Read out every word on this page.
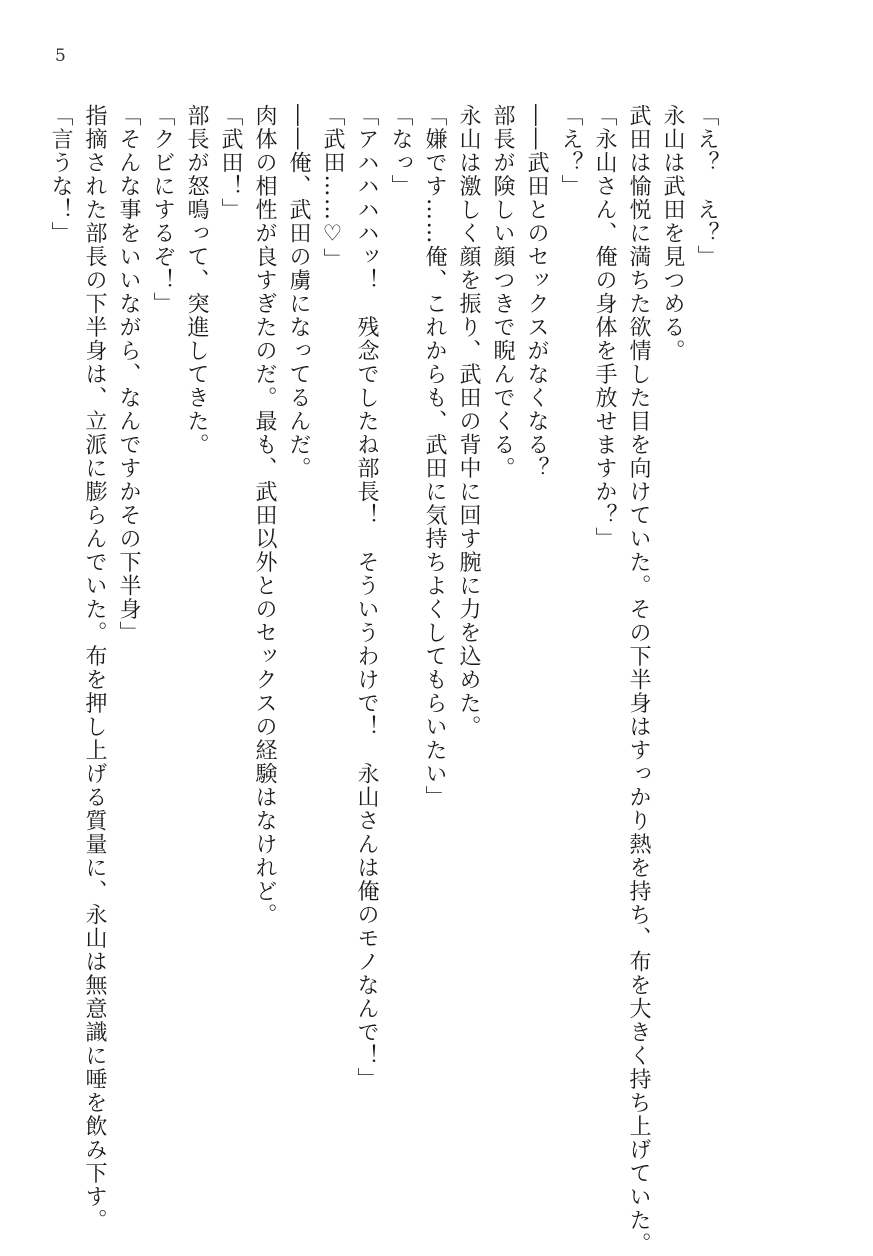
5

「え？　え？」

永山は武田を見つめる。

武田は愉悦に満ちた欲情した目を向けていた。その下半身はすっかり熱を持ち、布を大きく持ち上げていた。

「永山さん、俺の身体を手放せますか？」

「え？」

――武田とのセックスがなくなる？

部長が険しい顔つきで睨んでくる。

永山は激しく顔を振り、武田の背中に回す腕に力を込めた。

「嫌です……俺、これからも、武田に気持ちよくしてもらいたい」

「なっ」

「アハハハハッ！　残念でしたね部長！　そういうわけで！　永山さんは俺のモノなんで！」

「武田……♡」

――俺、武田の虜になってるんだ。

肉体の相性が良すぎたのだ。最も、武田以外とのセックスの経験はなけれど。

「武田！」

部長が怒鳴って、突進してきた。

「クビにするぞ！」

「そんな事をいいながら、なんですかその下半身」

指摘された部長の下半身は、立派に膨らんでいた。布を押し上げる質量に、永山は無意識に唾を飲み下す。

「言うな！」
